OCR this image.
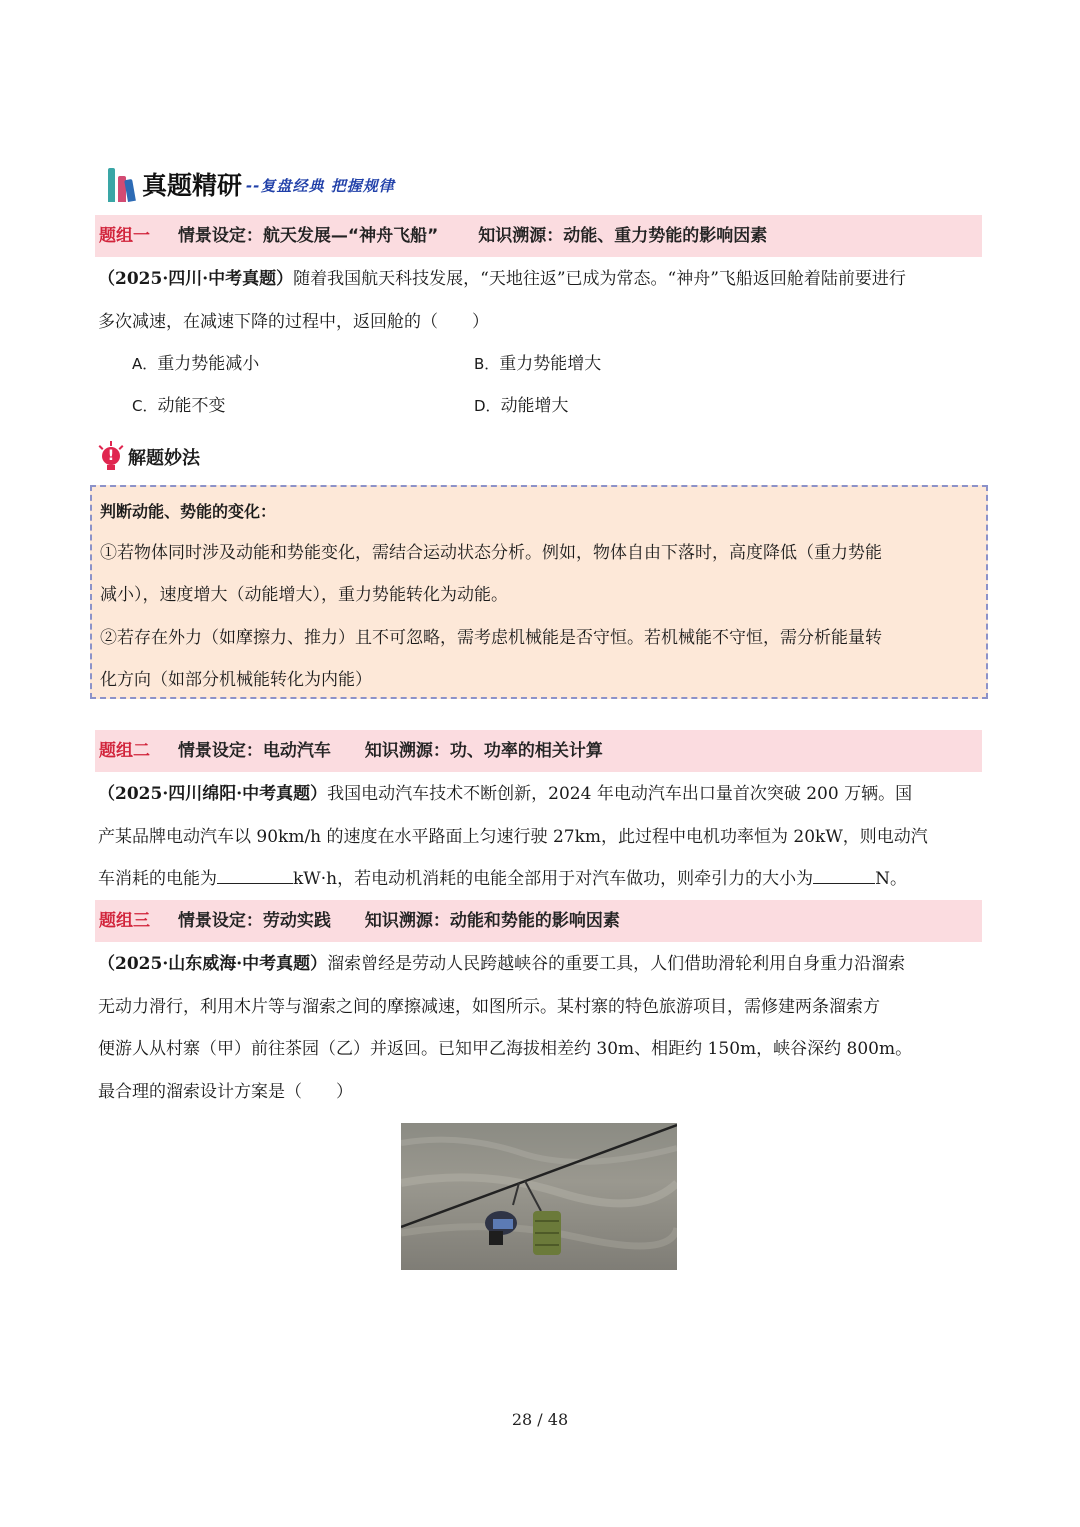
真题精研 --复盘经典 把握规律
题组一 情景设定：航天发展—“神舟飞船” 知识溯源：动能、重力势能的影响因素

（2025·四川·中考真题）随着我国航天科技发展，“天地往返”已成为常态。“神舟”飞船返回舱着陆前要进行
多次减速，在减速下降的过程中，返回舱的（　　）

A．重力势能减小	B．重力势能增大
C．动能不变	D．动能增大
! 解题妙法
判断动能、势能的变化：
①若物体同时涉及动能和势能变化，需结合运动状态分析。例如，物体自由下落时，高度降低（重力势能
减小），速度增大（动能增大），重力势能转化为动能。
②若存在外力（如摩擦力、推力）且不可忽略，需考虑机械能是否守恒。若机械能不守恒，需分析能量转
化方向（如部分机械能转化为内能）
题组二 情景设定：电动汽车 知识溯源：功、功率的相关计算

（2025·四川绵阳·中考真题）我国电动汽车技术不断创新，2024 年电动汽车出口量首次突破 200 万辆。国
产某品牌电动汽车以 90km/h 的速度在水平路面上匀速行驶 27km，此过程中电机功率恒为 20kW，则电动汽
车消耗的电能为	kW·h，若电动机消耗的电能全部用于对汽车做功，则牵引力的大小为	N。

题组三 情景设定：劳动实践 知识溯源：动能和势能的影响因素

（2025·山东威海·中考真题）溜索曾经是劳动人民跨越峡谷的重要工具，人们借助滑轮利用自身重力沿溜索
无动力滑行，利用木片等与溜索之间的摩擦减速，如图所示。某村寨的特色旅游项目，需修建两条溜索方
便游人从村寨（甲）前往茶园（乙）并返回。已知甲乙海拔相差约 30m、相距约 150m，峡谷深约 800m。
最合理的溜索设计方案是（　　）

28 / 48
